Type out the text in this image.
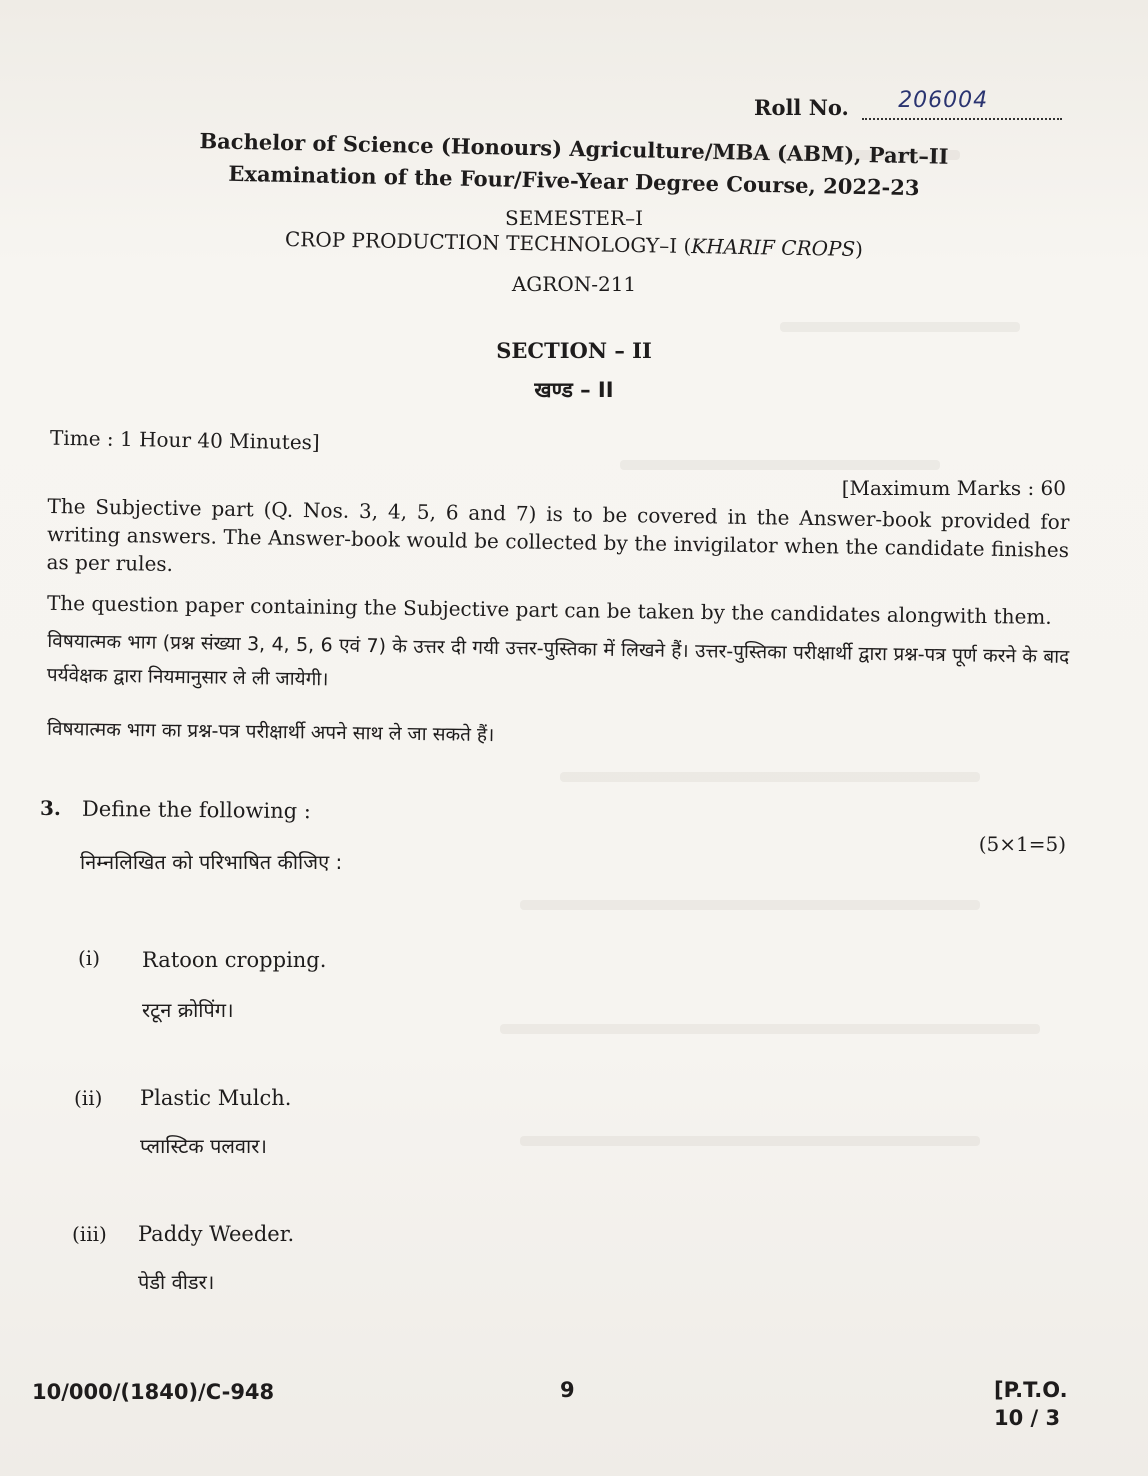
Roll No. 206004
Bachelor of Science (Honours) Agriculture/MBA (ABM), Part–II
Examination of the Four/Five-Year Degree Course, 2022-23
SEMESTER–I
CROP PRODUCTION TECHNOLOGY–I (KHARIF CROPS)
AGRON-211
SECTION – II
खण्ड – II
Time : 1 Hour 40 Minutes]
[Maximum Marks : 60
The Subjective part (Q. Nos. 3, 4, 5, 6 and 7) is to be covered in the Answer-book provided for writing answers. The Answer-book would be collected by the invigilator when the candidate finishes as per rules.
The question paper containing the Subjective part can be taken by the candidates alongwith them.
विषयात्मक भाग (प्रश्न संख्या 3, 4, 5, 6 एवं 7) के उत्तर दी गयी उत्तर-पुस्तिका में लिखने हैं। उत्तर-पुस्तिका परीक्षार्थी द्वारा प्रश्न-पत्र पूर्ण करने के बाद पर्यवेक्षक द्वारा नियमानुसार ले ली जायेगी।
विषयात्मक भाग का प्रश्न-पत्र परीक्षार्थी अपने साथ ले जा सकते हैं।
3. Define the following :
(5×1=5)
निम्नलिखित को परिभाषित कीजिए :
(i) Ratoon cropping.
रटून क्रोपिंग।
(ii) Plastic Mulch.
प्लास्टिक पलवार।
(iii) Paddy Weeder.
पेडी वीडर।
10/000/(1840)/C-948	9	[P.T.O.
10 / 3
